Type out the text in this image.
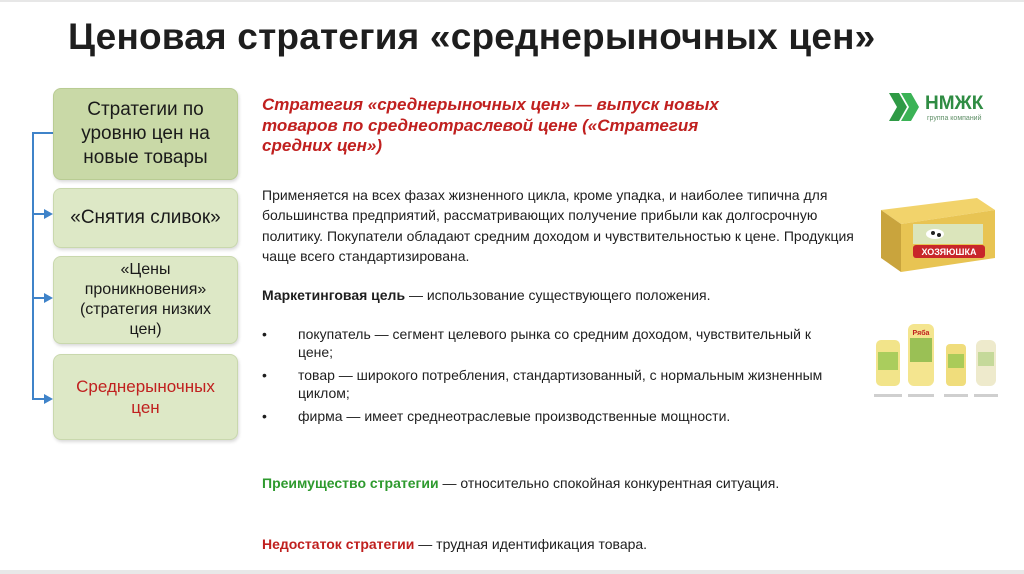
Ценовая стратегия «среднерыночных цен»
Стратегии по уровню цен на новые товары
«Снятия сливок»
«Цены проникновения» (стратегия низких цен)
Среднерыночных цен
Стратегия «среднерыночных цен» — выпуск новых товаров по среднеотраслевой цене («Стратегия средних цен»)
Применяется на всех фазах жизненного цикла, кроме упадка, и наиболее типична для большинства предприятий, рассматривающих получение прибыли как долгосрочную политику. Покупатели обладают средним доходом и чувствительностью к цене. Продукция чаще всего стандартизирована.
Маркетинговая цель — использование существующего положения.
• покупатель — сегмент целевого рынка со средним доходом, чувствительный к цене;
• товар — широкого потребления, стандартизованный, с нормальным жизненным циклом;
• фирма — имеет среднеотраслевые производственные мощности.
Преимущество стратегии — относительно спокойная конкурентная ситуация.
Недостаток стратегии — трудная идентификация товара.
НМЖК
группа компаний
ХОЗЯЮШКА
Ряба
